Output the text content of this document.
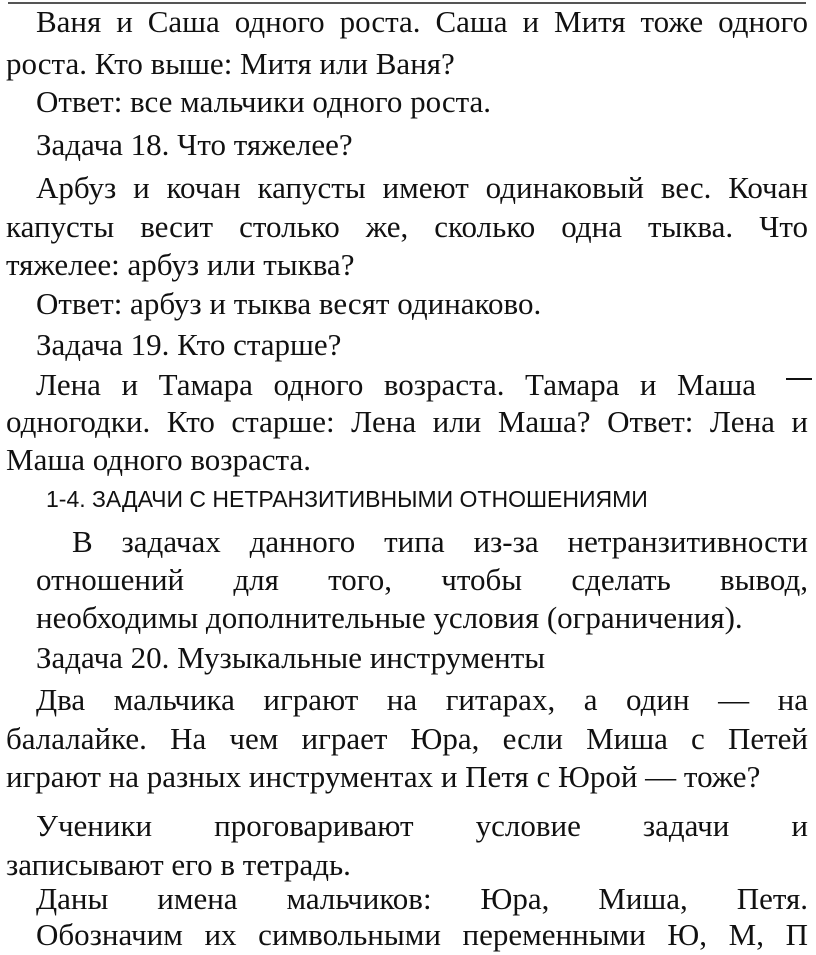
Ваня и Саша одного роста. Саша и Митя тоже одного
роста. Кто выше: Митя или Ваня?
Ответ: все мальчики одного роста.
Задача 18. Что тяжелее?
Арбуз и кочан капусты имеют одинаковый вес. Кочан
капусты весит столько же, сколько одна тыква. Что
тяжелее: арбуз или тыква?
Ответ: арбуз и тыква весят одинаково.
Задача 19. Кто старше?
Лена и Тамара одного возраста. Тамара и Маша
одногодки. Кто старше: Лена или Маша? Ответ: Лена и
Маша одного возраста.
1-4. ЗАДАЧИ С НЕТРАНЗИТИВНЫМИ ОТНОШЕНИЯМИ
В задачах данного типа из-за нетранзитивности
отношений для того, чтобы сделать вывод,
необходимы дополнительные условия (ограничения).
Задача 20. Музыкальные инструменты
Два мальчика играют на гитарах, а один — на
балалайке. На чем играет Юра, если Миша с Петей
играют на разных инструментах и Петя с Юрой — тоже?
Ученики проговаривают условие задачи и
записывают его в тетрадь.
Даны имена мальчиков: Юра, Миша, Петя.
Обозначим их символьными переменными Ю, М, П
